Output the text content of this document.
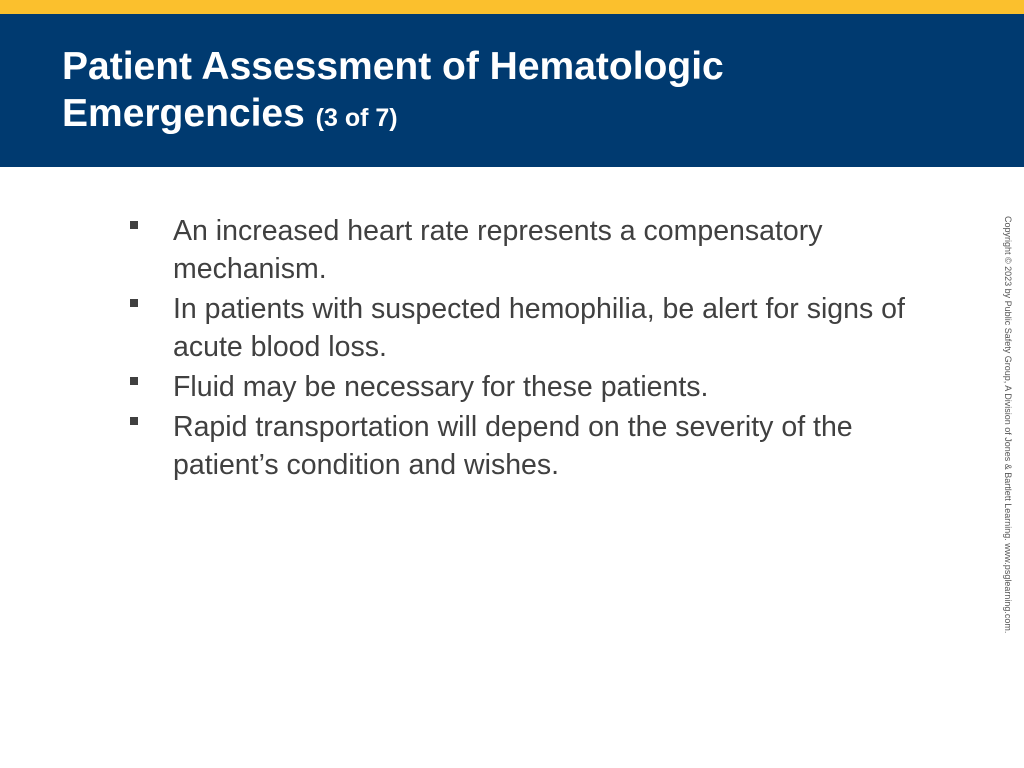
Patient Assessment of Hematologic Emergencies (3 of 7)
An increased heart rate represents a compensatory mechanism.
In patients with suspected hemophilia, be alert for signs of acute blood loss.
Fluid may be necessary for these patients.
Rapid transportation will depend on the severity of the patient’s condition and wishes.	Copyright © 2023 by Public Safety Group, A Division of Jones & Bartlett Learning. www.psglearning.com.
